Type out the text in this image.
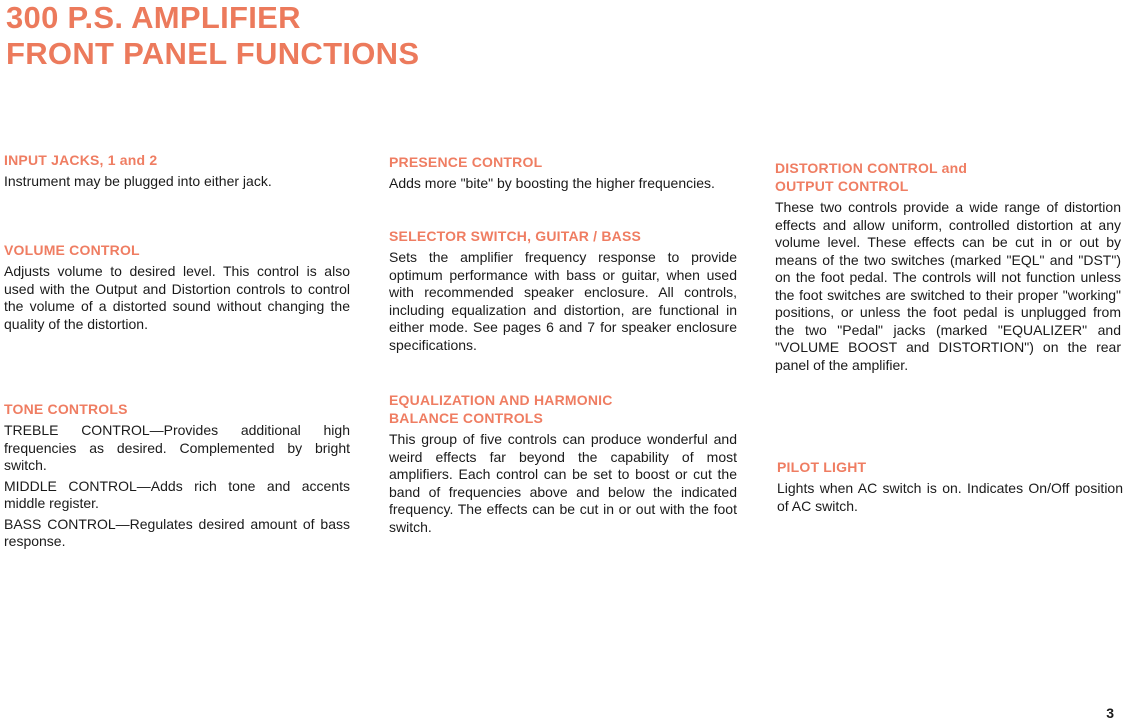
300 P.S. AMPLIFIER
FRONT PANEL FUNCTIONS
INPUT JACKS, 1 and 2

Instrument may be plugged into either jack.

VOLUME CONTROL

Adjusts volume to desired level. This control is also used with the Output and Distortion controls to control the volume of a distorted sound without changing the quality of the distortion.

TONE CONTROLS

TREBLE CONTROL—Provides additional high frequencies as desired. Complemented by bright switch.

MIDDLE CONTROL—Adds rich tone and accents middle register.

BASS CONTROL—Regulates desired amount of bass response.

PRESENCE CONTROL

Adds more "bite" by boosting the higher frequencies.

SELECTOR SWITCH, GUITAR / BASS

Sets the amplifier frequency response to provide optimum performance with bass or guitar, when used with recommended speaker enclosure. All controls, including equalization and distortion, are functional in either mode. See pages 6 and 7 for speaker enclosure specifications.

EQUALIZATION AND HARMONIC
BALANCE CONTROLS

This group of five controls can produce wonderful and weird effects far beyond the capability of most amplifiers. Each control can be set to boost or cut the band of frequencies above and below the indicated frequency. The effects can be cut in or out with the foot switch.

DISTORTION CONTROL and
OUTPUT CONTROL

These two controls provide a wide range of distortion effects and allow uniform, controlled distortion at any volume level. These effects can be cut in or out by means of the two switches (marked "EQL" and "DST") on the foot pedal. The controls will not function unless the foot switches are switched to their proper "working" positions, or unless the foot pedal is unplugged from the two "Pedal" jacks (marked "EQUALIZER" and "VOLUME BOOST and DISTORTION") on the rear panel of the amplifier.

PILOT LIGHT

Lights when AC switch is on. Indicates On/Off position of AC switch.

3
